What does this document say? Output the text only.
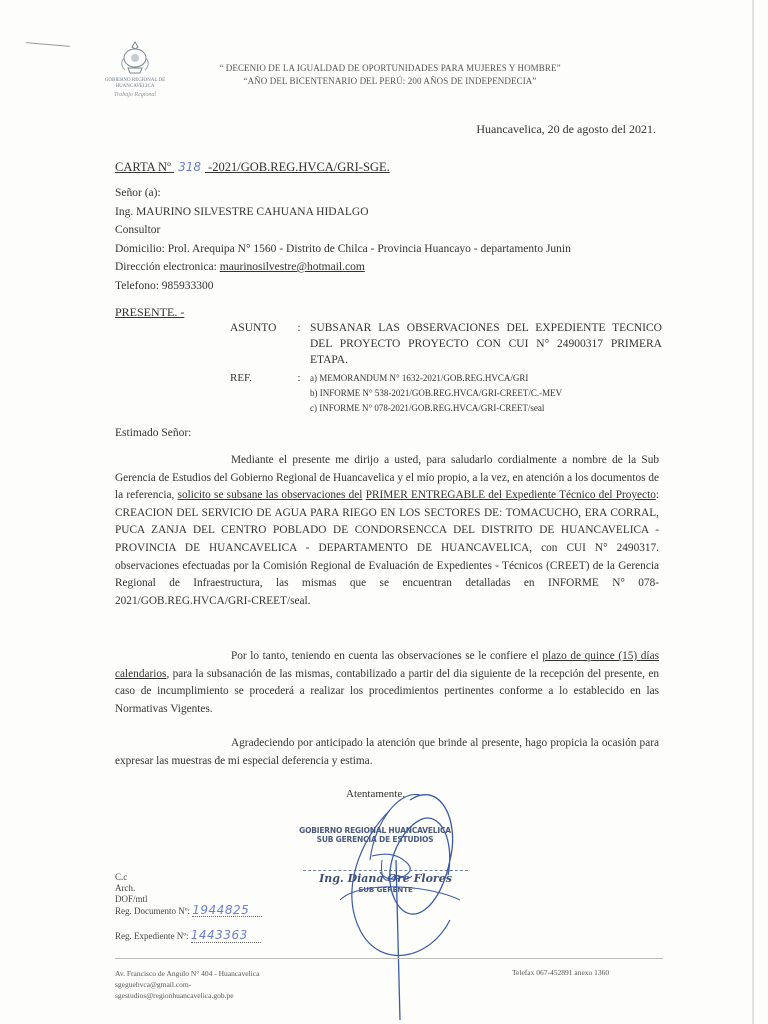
GOBIERNO REGIONAL DE
HUANCAVELICA
Trabajo Regional
“ DECENIO DE LA IGUALDAD DE OPORTUNIDADES PARA MUJERES Y HOMBRE”
“AÑO DEL BICENTENARIO DEL PERÚ: 200 AÑOS DE INDEPENDECIA”
Huancavelica, 20 de agosto del 2021.
CARTA Nº 318 -2021/GOB.REG.HVCA/GRI-SGE.
Señor (a):
Ing. MAURINO SILVESTRE CAHUANA HIDALGO
Consultor
Domicilio: Prol. Arequipa N° 1560 - Distrito de Chilca - Provincia Huancayo - departamento Junin
Dirección electronica: maurinosilvestre@hotmail.com
Telefono: 985933300
PRESENTE. -
ASUNTO	:	SUBSANAR LAS OBSERVACIONES DEL EXPEDIENTE TECNICO DEL PROYECTO PROYECTO CON CUI N° 24900317 PRIMERA ETAPA.
REF.	:	a) MEMORANDUM N° 1632-2021/GOB.REG.HVCA/GRI
b) INFORME N° 538-2021/GOB.REG.HVCA/GRI-CREET/C.-MEV
c) INFORME N° 078-2021/GOB.REG.HVCA/GRI-CREET/seal
Estimado Señor:
Mediante el presente me dirijo a usted, para saludarlo cordialmente a nombre de la Sub Gerencia de Estudios del Gobierno Regional de Huancavelica y el mío propio, a la vez, en atención a los documentos de la referencia, solicito se subsane las observaciones del PRIMER ENTREGABLE del Expediente Técnico del Proyecto: CREACION DEL SERVICIO DE AGUA PARA RIEGO EN LOS SECTORES DE: TOMACUCHO, ERA CORRAL, PUCA ZANJA DEL CENTRO POBLADO DE CONDORSENCCA DEL DISTRITO DE HUANCAVELICA - PROVINCIA DE HUANCAVELICA - DEPARTAMENTO DE HUANCAVELICA, con CUI N° 2490317. observaciones efectuadas por la Comisión Regional de Evaluación de Expedientes - Técnicos (CREET) de la Gerencia Regional de Infraestructura, las mismas que se encuentran detalladas en INFORME N° 078-2021/GOB.REG.HVCA/GRI-CREET/seal.
Por lo tanto, teniendo en cuenta las observaciones se le confiere el plazo de quince (15) días calendarios, para la subsanación de las mismas, contabilizado a partir del dia siguiente de la recepción del presente, en caso de incumplimiento se procederá a realizar los procedimientos pertinentes conforme a lo establecido en las Normativas Vigentes.
Agradeciendo por anticipado la atención que brinde al presente, hago propicia la ocasión para expresar las muestras de mi especial deferencia y estima.
Atentamente,
GOBIERNO REGIONAL HUANCAVELICA
SUB GERENCIA DE ESTUDIOS
Ing. Diana Oré Flores
SUB GERENTE
C.c
Arch.
DOF/mtl
Reg. Documento Nº: 1944825
Reg. Expediente Nº: 1443363
Av. Francisco de Angulo N° 404 - Huancavelica
sgeguehvca@gmail.com-
sgestudios@regionhuancavelica.gob.pe
Telefax 067-452891 anexo 1360
